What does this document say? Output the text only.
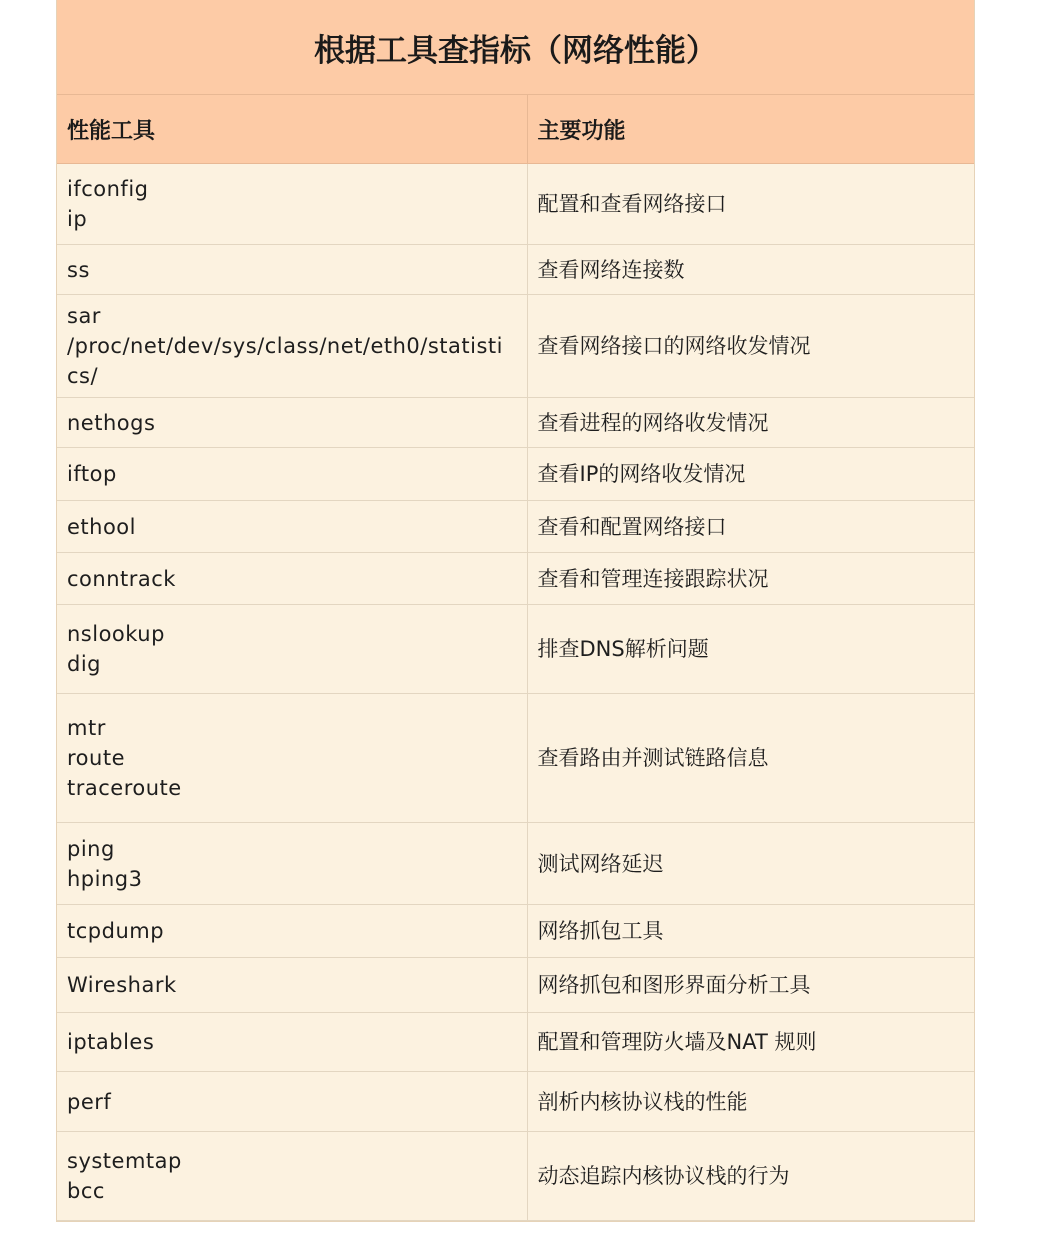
根据工具查指标（网络性能）	
性能工具	主要功能

ifconfig
ip	配置和查看网络接口

ss	查看网络连接数

sar
/proc/net/dev/sys/class/net/eth0/statisti
cs/	查看网络接口的网络收发情况

nethogs	查看进程的网络收发情况

iftop	查看IP的网络收发情况

ethool	查看和配置网络接口

conntrack	查看和管理连接跟踪状况

nslookup
dig	排查DNS解析问题

mtr
route
traceroute	查看路由并测试链路信息

ping
hping3	测试网络延迟

tcpdump	网络抓包工具

Wireshark	网络抓包和图形界面分析工具

iptables	配置和管理防火墙及NAT 规则

perf	剖析内核协议栈的性能

systemtap
bcc	动态追踪内核协议栈的行为
